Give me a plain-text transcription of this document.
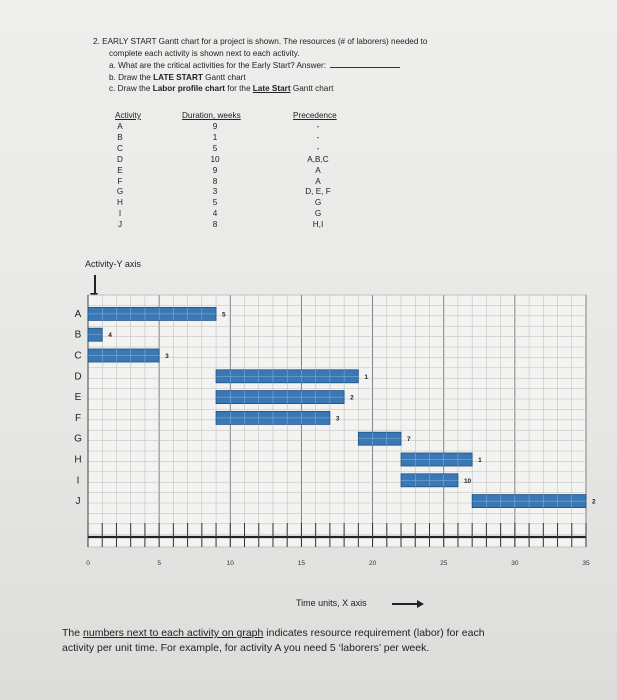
2. EARLY START Gantt chart for a project is shown. The resources (# of laborers) needed to
complete each activity is shown next to each activity.
a. What are the critical activities for the Early Start? Answer:
b. Draw the LATE START Gantt chart
c. Draw the Labor profile chart for the Late Start Gantt chart
Activity	Duration, weeks	Precedence
A	9	-
B	1	-
C	5	-
D	10	A,B,C
E	9	A
F	8	A
G	3	D, E, F
H	5	G
I	4	G
J	8	H,I
Activity-Y axis
0	5	10	15	20	25	30	35
A	5
B	4
C	3
D	1
E	2
F	3
G	7
H	1
I	10
J	2
Time units, X axis
The numbers next to each activity on graph indicates resource requirement (labor) for each
activity per unit time. For example, for activity A you need 5 ‘laborers’ per week.
